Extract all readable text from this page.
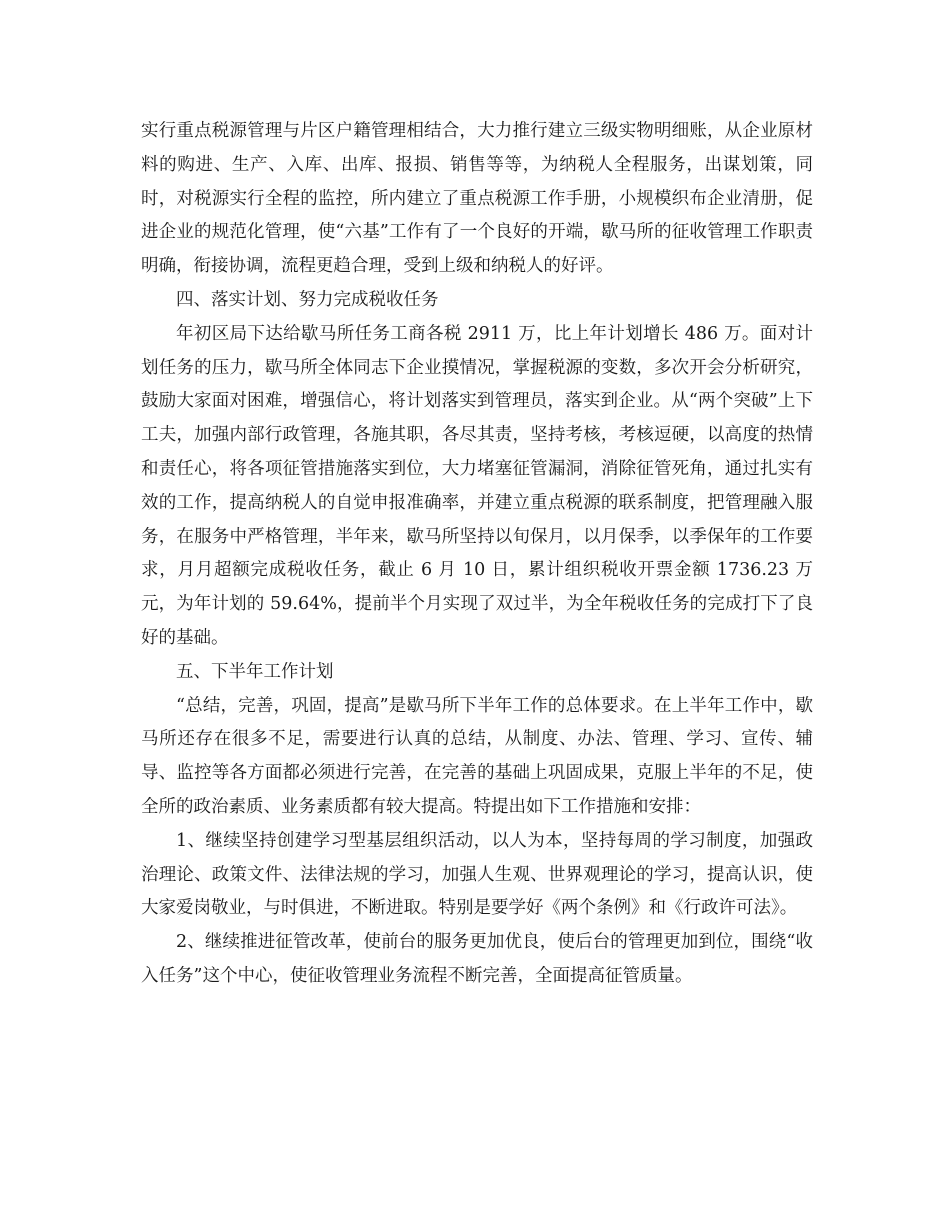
实行重点税源管理与片区户籍管理相结合，大力推行建立三级实物明细账，从企业原材料的购进、生产、入库、出库、报损、销售等等，为纳税人全程服务，出谋划策，同时，对税源实行全程的监控，所内建立了重点税源工作手册，小规模织布企业清册，促进企业的规范化管理，使“六基”工作有了一个良好的开端，歇马所的征收管理工作职责明确，衔接协调，流程更趋合理，受到上级和纳税人的好评。

四、落实计划、努力完成税收任务

年初区局下达给歇马所任务工商各税 2911 万，比上年计划增长 486 万。面对计划任务的压力，歇马所全体同志下企业摸情况，掌握税源的变数，多次开会分析研究，鼓励大家面对困难，增强信心，将计划落实到管理员，落实到企业。从“两个突破”上下工夫，加强内部行政管理，各施其职，各尽其责，坚持考核，考核逗硬，以高度的热情和责任心，将各项征管措施落实到位，大力堵塞征管漏洞，消除征管死角，通过扎实有效的工作，提高纳税人的自觉申报准确率，并建立重点税源的联系制度，把管理融入服务，在服务中严格管理，半年来，歇马所坚持以旬保月，以月保季，以季保年的工作要求，月月超额完成税收任务，截止 6 月 10 日，累计组织税收开票金额 1736.23 万元，为年计划的 59.64%，提前半个月实现了双过半，为全年税收任务的完成打下了良好的基础。

五、下半年工作计划

“总结，完善，巩固，提高”是歇马所下半年工作的总体要求。在上半年工作中，歇马所还存在很多不足，需要进行认真的总结，从制度、办法、管理、学习、宣传、辅导、监控等各方面都必须进行完善，在完善的基础上巩固成果，克服上半年的不足，使全所的政治素质、业务素质都有较大提高。特提出如下工作措施和安排：

1、继续坚持创建学习型基层组织活动，以人为本，坚持每周的学习制度，加强政治理论、政策文件、法律法规的学习，加强人生观、世界观理论的学习，提高认识，使大家爱岗敬业，与时俱进，不断进取。特别是要学好《两个条例》和《行政许可法》。

2、继续推进征管改革，使前台的服务更加优良，使后台的管理更加到位，围绕“收入任务”这个中心，使征收管理业务流程不断完善，全面提高征管质量。
